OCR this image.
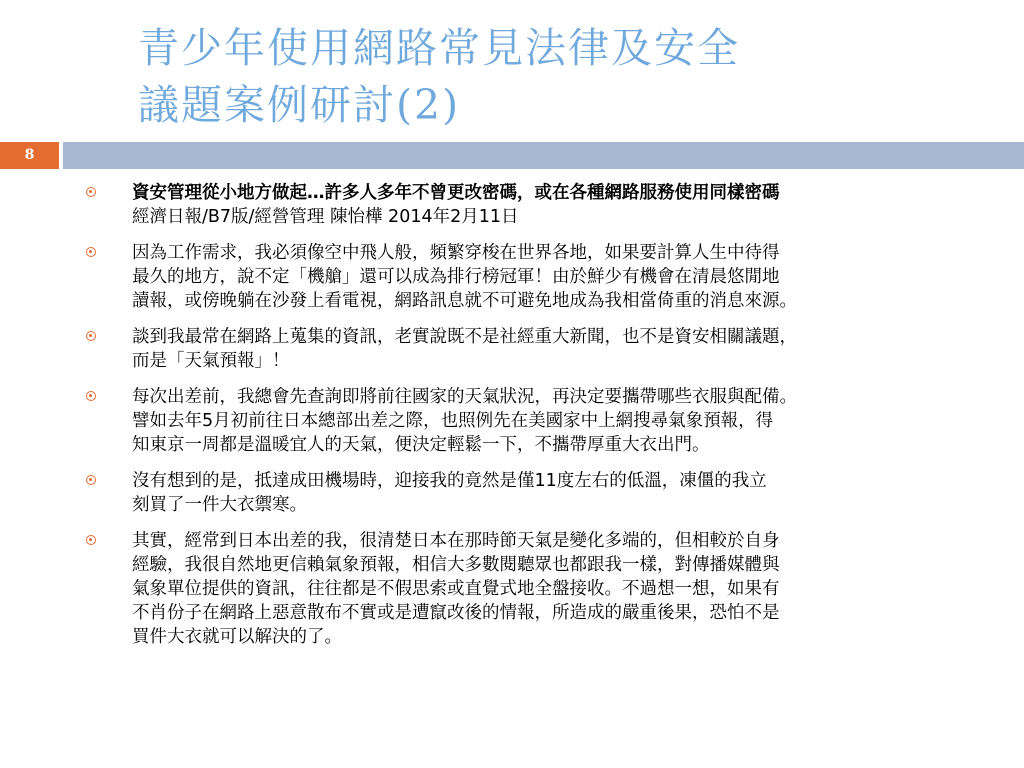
青少年使用網路常見法律及安全
議題案例研討(2)
8
資安管理從小地方做起…許多人多年不曾更改密碼，或在各種網路服務使用同樣密碼
經濟日報/B7版/經營管理 陳怡樺 2014年2月11日
因為工作需求，我必須像空中飛人般，頻繁穿梭在世界各地，如果要計算人生中待得
最久的地方，說不定「機艙」還可以成為排行榜冠軍！由於鮮少有機會在清晨悠閒地
讀報，或傍晚躺在沙發上看電視，網路訊息就不可避免地成為我相當倚重的消息來源。
談到我最常在網路上蒐集的資訊，老實說既不是社經重大新聞，也不是資安相關議題，
而是「天氣預報」！
每次出差前，我總會先查詢即將前往國家的天氣狀況，再決定要攜帶哪些衣服與配備。
譬如去年5月初前往日本總部出差之際，也照例先在美國家中上網搜尋氣象預報，得
知東京一周都是溫暖宜人的天氣，便決定輕鬆一下，不攜帶厚重大衣出門。
沒有想到的是，抵達成田機場時，迎接我的竟然是僅11度左右的低溫，凍僵的我立
刻買了一件大衣禦寒。
其實，經常到日本出差的我，很清楚日本在那時節天氣是變化多端的，但相較於自身
經驗，我很自然地更信賴氣象預報，相信大多數閱聽眾也都跟我一樣，對傳播媒體與
氣象單位提供的資訊，往往都是不假思索或直覺式地全盤接收。不過想一想，如果有
不肖份子在網路上惡意散布不實或是遭竄改後的情報，所造成的嚴重後果，恐怕不是
買件大衣就可以解決的了。
